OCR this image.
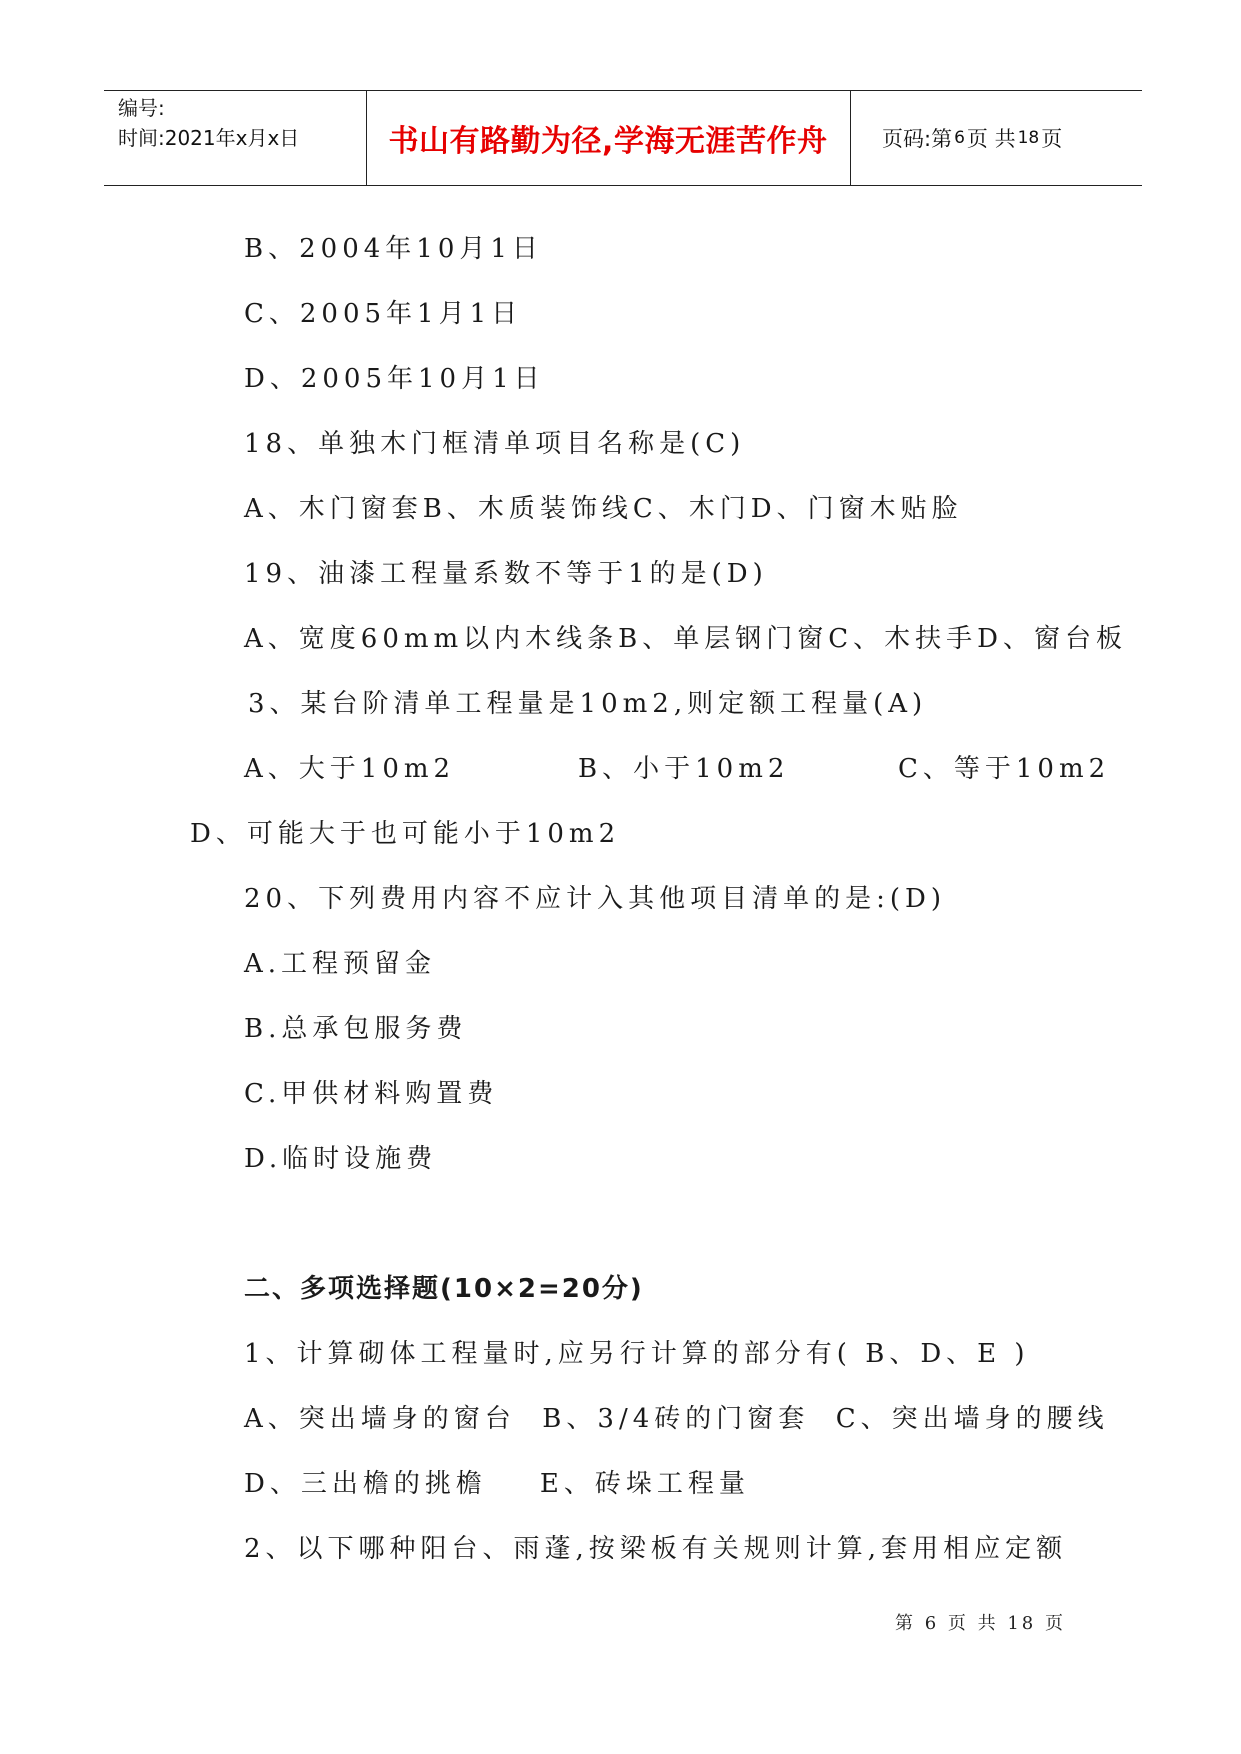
编号:
时间:2021年x月x日	书山有路勤为径,学海无涯苦作舟	页码:第 6 页 共 18 页
B、2004年10月1日
C、2005年1月1日
D、2005年10月1日
18、单独木门框清单项目名称是(C)
A、木门窗套B、木质装饰线C、木门D、门窗木贴脸
19、油漆工程量系数不等于1的是(D)
A、宽度60mm以内木线条B、单层钢门窗C、木扶手D、窗台板
3、某台阶清单工程量是10m2,则定额工程量(A)
A、大于10m2	B、小于10m2	C、等于10m2
D、可能大于也可能小于10m2
20、下列费用内容不应计入其他项目清单的是:(D)
A.工程预留金
B.总承包服务费
C.甲供材料购置费
D.临时设施费
二、多项选择题(10×2=20分)
1、计算砌体工程量时,应另行计算的部分有( B、D、E )
A、突出墙身的窗台  B、3/4砖的门窗套  C、突出墙身的腰线
D、三出檐的挑檐    E、砖垛工程量
2、以下哪种阳台、雨蓬,按梁板有关规则计算,套用相应定额
第 6 页 共 18 页
